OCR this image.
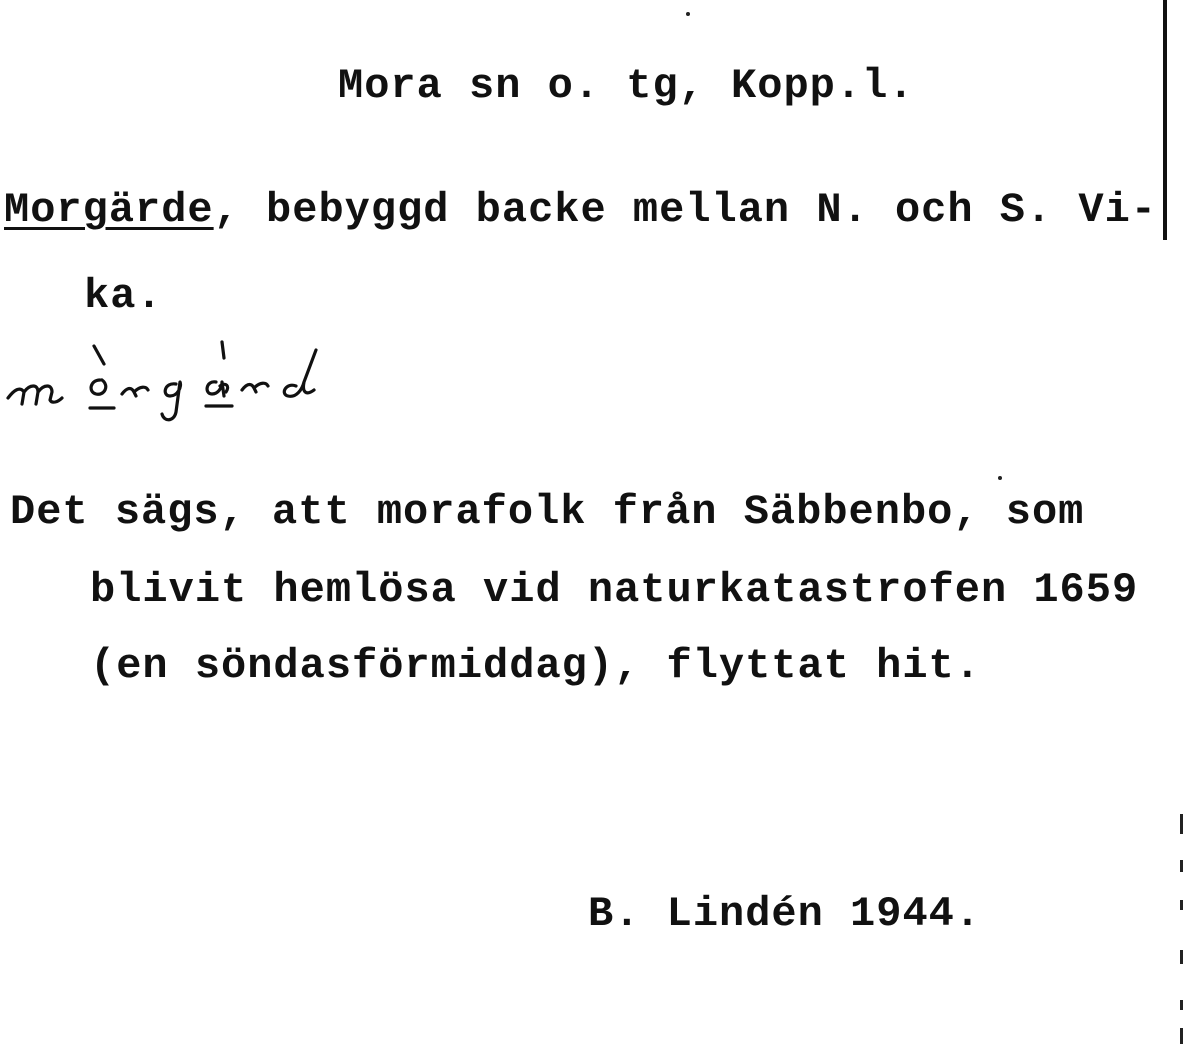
Mora sn o. tg, Kopp.l.
Morgärde, bebyggd backe mellan N. och S. Vi-
ka.
Det sägs, att morafolk från Säbbenbo, som
blivit hemlösa vid naturkatastrofen 1659
(en söndasförmiddag), flyttat hit.
B. Lindén 1944.
